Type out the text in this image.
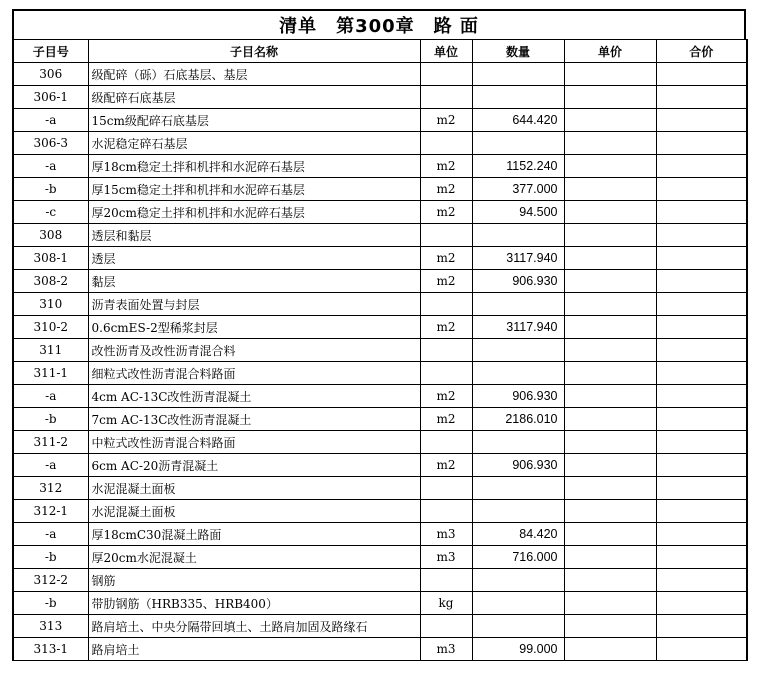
清单　第300章　路 面
子目号	子目名称	单位	数量	单价	合价
306	级配碎（砾）石底基层、基层				
306-1	级配碎石底基层				
-a	15cm级配碎石底基层	m2	644.420		
306-3	水泥稳定碎石基层				
-a	厚18cm稳定土拌和机拌和水泥碎石基层	m2	1152.240		
-b	厚15cm稳定土拌和机拌和水泥碎石基层	m2	377.000		
-c	厚20cm稳定土拌和机拌和水泥碎石基层	m2	94.500		
308	透层和黏层				
308-1	透层	m2	3117.940		
308-2	黏层	m2	906.930		
310	沥青表面处置与封层				
310-2	0.6cmES-2型稀浆封层	m2	3117.940		
311	改性沥青及改性沥青混合料				
311-1	细粒式改性沥青混合料路面				
-a	4cm AC-13C改性沥青混凝土	m2	906.930		
-b	7cm AC-13C改性沥青混凝土	m2	2186.010		
311-2	中粒式改性沥青混合料路面				
-a	6cm AC-20沥青混凝土	m2	906.930		
312	水泥混凝土面板				
312-1	水泥混凝土面板				
-a	厚18cmC30混凝土路面	m3	84.420		
-b	厚20cm水泥混凝土	m3	716.000		
312-2	钢筋				
-b	带肋钢筋（HRB335、HRB400）	kg			
313	路肩培土、中央分隔带回填土、土路肩加固及路缘石				
313-1	路肩培土	m3	99.000		
